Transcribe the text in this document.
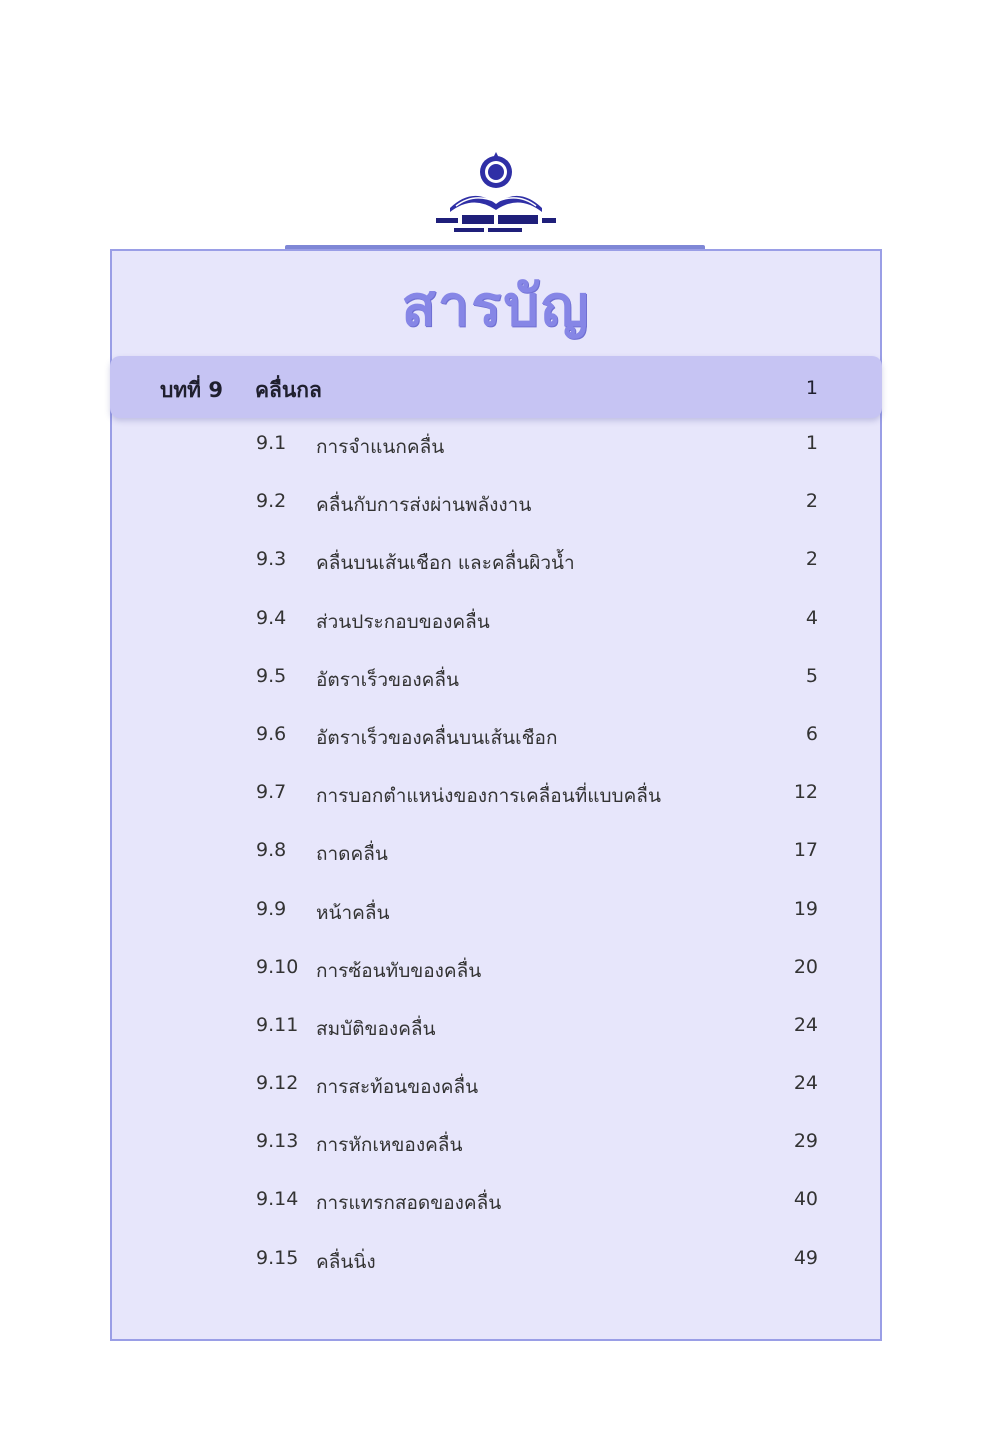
สารบัญ
บทที่ 9 คลื่นกล	1
9.1 การจำแนกคลื่น	1
9.2 คลื่นกับการส่งผ่านพลังงาน	2
9.3 คลื่นบนเส้นเชือก และคลื่นผิวน้ำ	2
9.4 ส่วนประกอบของคลื่น	4
9.5 อัตราเร็วของคลื่น	5
9.6 อัตราเร็วของคลื่นบนเส้นเชือก	6
9.7 การบอกตำแหน่งของการเคลื่อนที่แบบคลื่น	12
9.8 ถาดคลื่น	17
9.9 หน้าคลื่น	19
9.10 การซ้อนทับของคลื่น	20
9.11 สมบัติของคลื่น	24
9.12 การสะท้อนของคลื่น	24
9.13 การหักเหของคลื่น	29
9.14 การแทรกสอดของคลื่น	40
9.15 คลื่นนิ่ง	49
